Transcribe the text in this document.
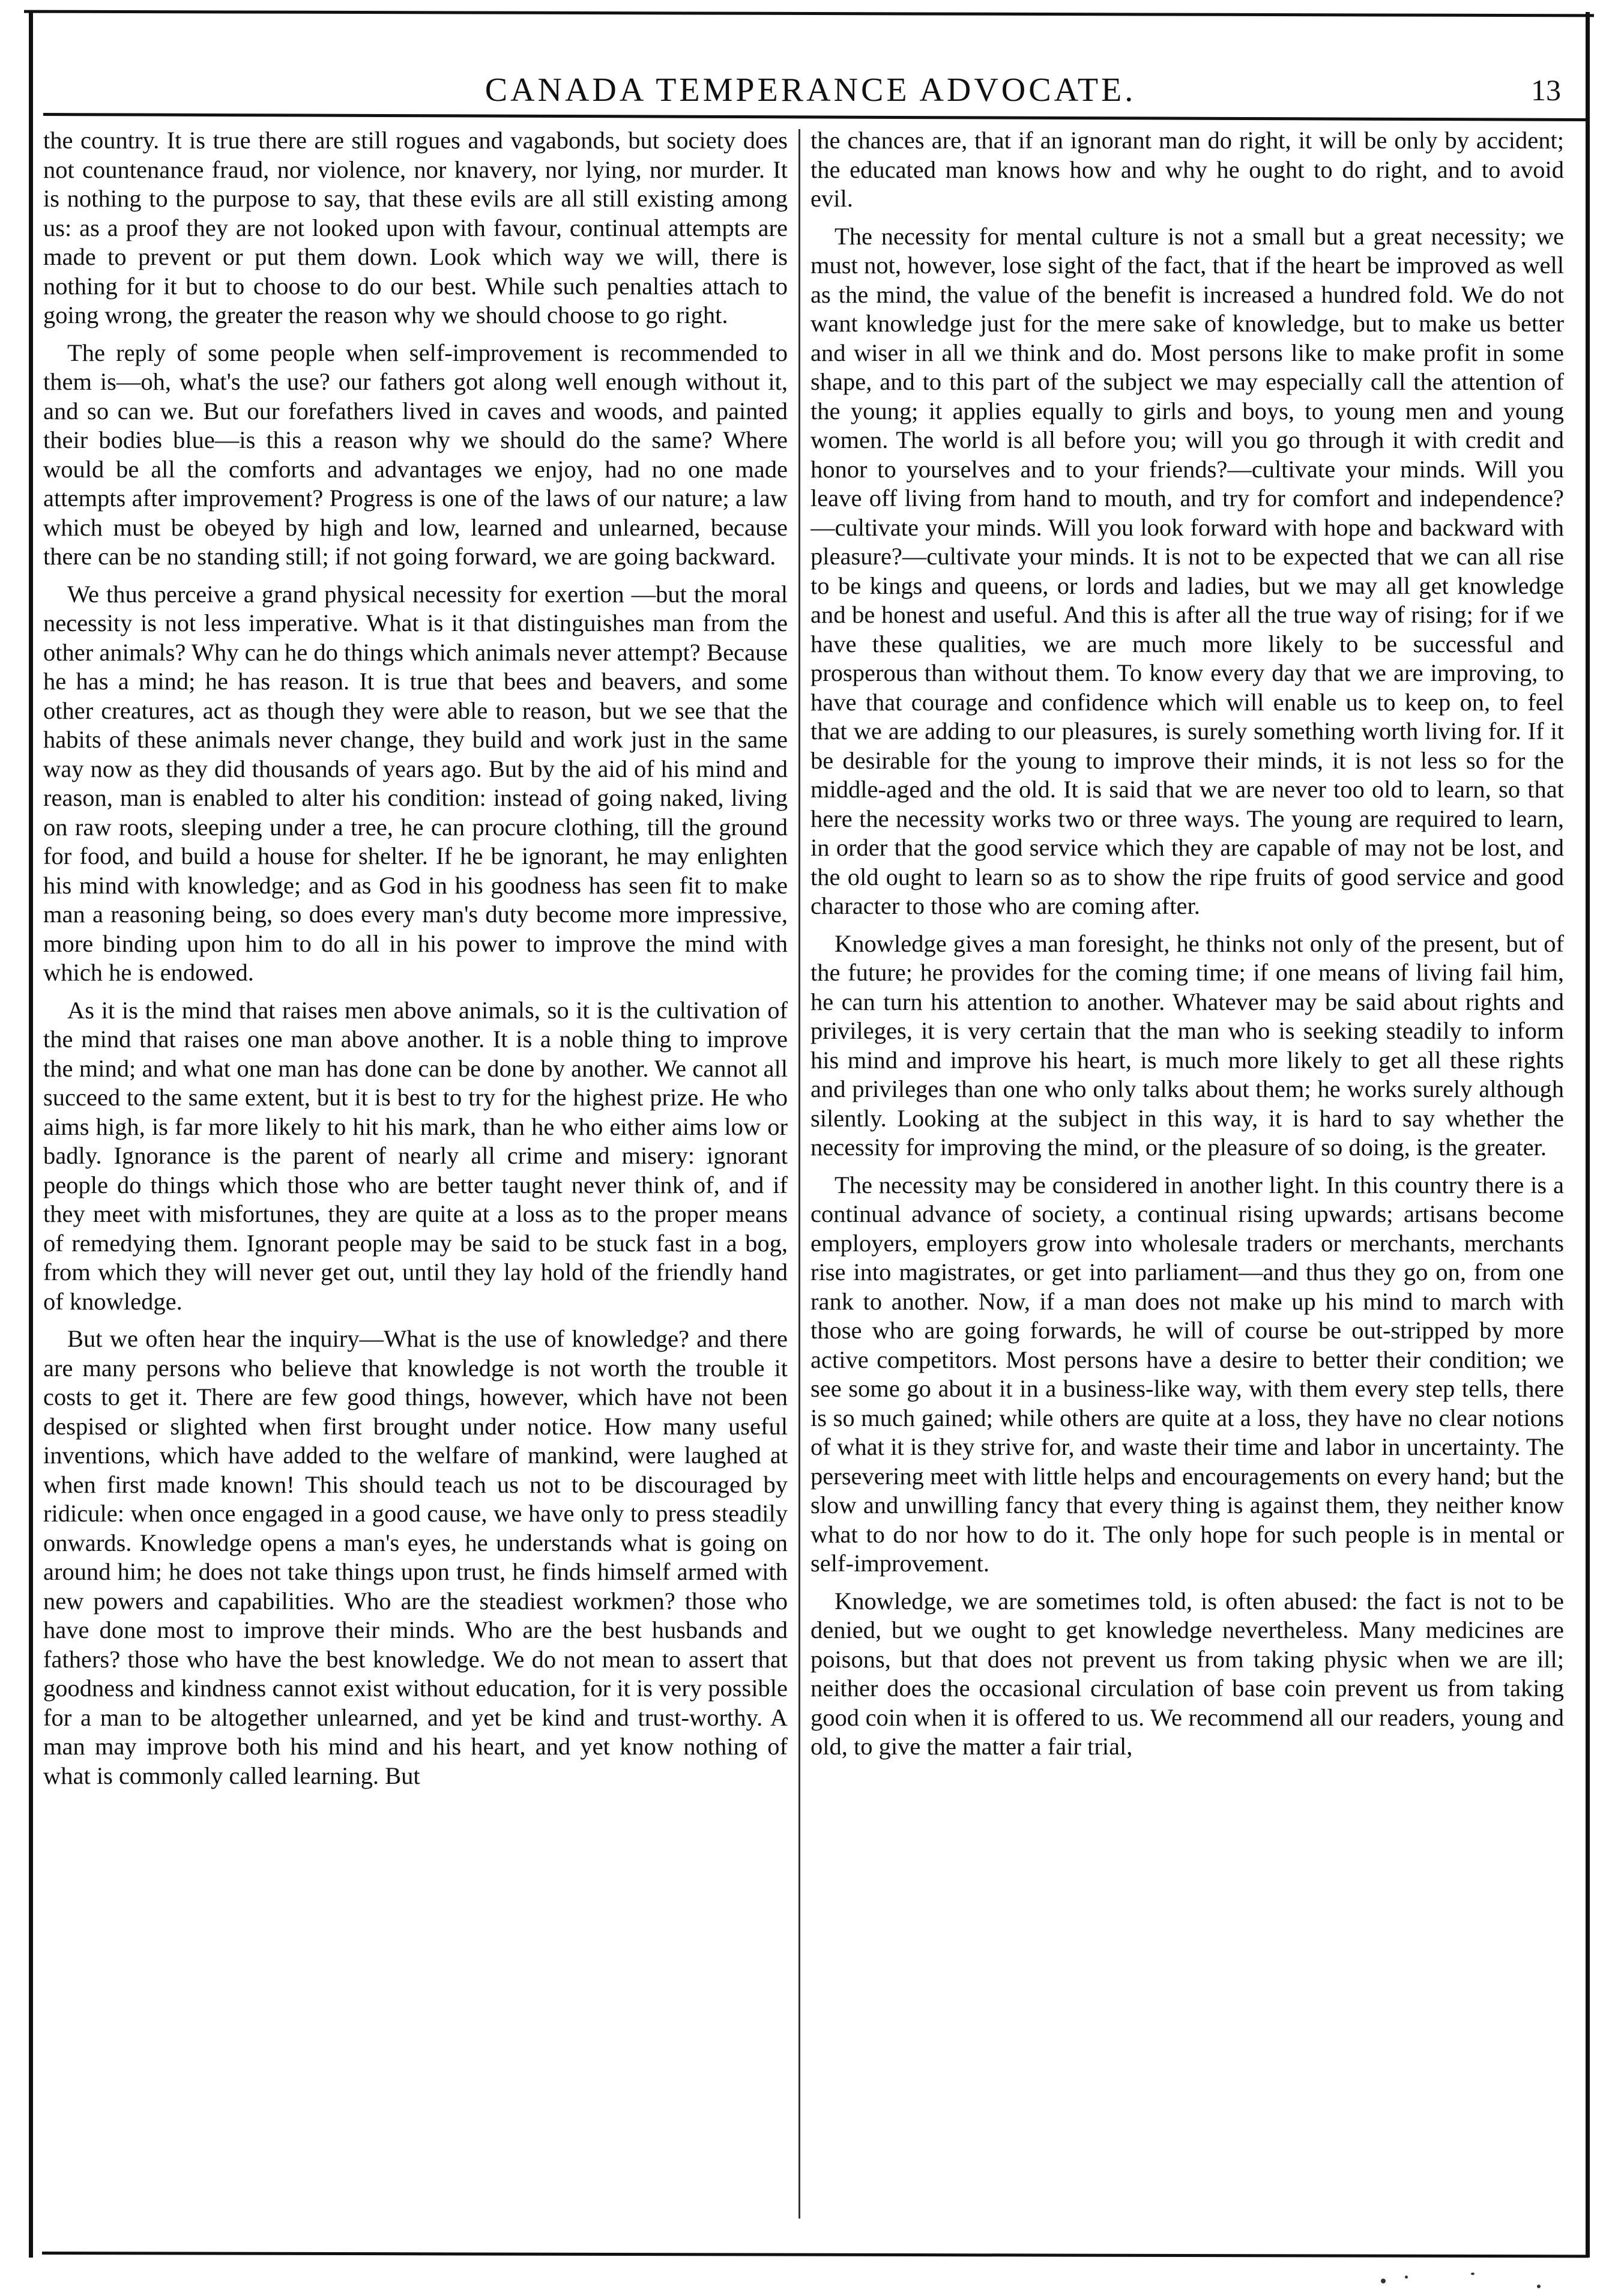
CANADA TEMPERANCE ADVOCATE.	13

the country. It is true there are still rogues and vagabonds, but society does not countenance fraud, nor violence, nor knavery, nor lying, nor murder. It is nothing to the purpose to say, that these evils are all still existing among us: as a proof they are not looked upon with favour, continual attempts are made to prevent or put them down. Look which way we will, there is nothing for it but to choose to do our best. While such penalties attach to going wrong, the greater the reason why we should choose to go right.

The reply of some people when self-improvement is recommended to them is—oh, what's the use? our fathers got along well enough without it, and so can we. But our forefathers lived in caves and woods, and painted their bodies blue—is this a reason why we should do the same? Where would be all the comforts and advantages we enjoy, had no one made attempts after improvement? Progress is one of the laws of our nature; a law which must be obeyed by high and low, learned and unlearned, because there can be no standing still; if not going forward, we are going backward.

We thus perceive a grand physical necessity for exertion —but the moral necessity is not less imperative. What is it that distinguishes man from the other animals? Why can he do things which animals never attempt? Because he has a mind; he has reason. It is true that bees and beavers, and some other creatures, act as though they were able to reason, but we see that the habits of these animals never change, they build and work just in the same way now as they did thousands of years ago. But by the aid of his mind and reason, man is enabled to alter his condition: instead of going naked, living on raw roots, sleeping under a tree, he can procure clothing, till the ground for food, and build a house for shelter. If he be ignorant, he may enlighten his mind with knowledge; and as God in his goodness has seen fit to make man a reasoning being, so does every man's duty become more impressive, more binding upon him to do all in his power to improve the mind with which he is endowed.

As it is the mind that raises men above animals, so it is the cultivation of the mind that raises one man above another. It is a noble thing to improve the mind; and what one man has done can be done by another. We cannot all succeed to the same extent, but it is best to try for the highest prize. He who aims high, is far more likely to hit his mark, than he who either aims low or badly. Ignorance is the parent of nearly all crime and misery: ignorant people do things which those who are better taught never think of, and if they meet with misfortunes, they are quite at a loss as to the proper means of remedying them. Ignorant people may be said to be stuck fast in a bog, from which they will never get out, until they lay hold of the friendly hand of knowledge.

But we often hear the inquiry—What is the use of knowledge? and there are many persons who believe that knowledge is not worth the trouble it costs to get it. There are few good things, however, which have not been despised or slighted when first brought under notice. How many useful inventions, which have added to the welfare of mankind, were laughed at when first made known! This should teach us not to be discouraged by ridicule: when once engaged in a good cause, we have only to press steadily onwards. Knowledge opens a man's eyes, he understands what is going on around him; he does not take things upon trust, he finds himself armed with new powers and capabilities. Who are the steadiest workmen? those who have done most to improve their minds. Who are the best husbands and fathers? those who have the best knowledge. We do not mean to assert that goodness and kindness cannot exist without education, for it is very possible for a man to be altogether unlearned, and yet be kind and trust-worthy. A man may improve both his mind and his heart, and yet know nothing of what is commonly called learning. But

the chances are, that if an ignorant man do right, it will be only by accident; the educated man knows how and why he ought to do right, and to avoid evil.

The necessity for mental culture is not a small but a great necessity; we must not, however, lose sight of the fact, that if the heart be improved as well as the mind, the value of the benefit is increased a hundred fold. We do not want knowledge just for the mere sake of knowledge, but to make us better and wiser in all we think and do. Most persons like to make profit in some shape, and to this part of the subject we may especially call the attention of the young; it applies equally to girls and boys, to young men and young women. The world is all before you; will you go through it with credit and honor to yourselves and to your friends?—cultivate your minds. Will you leave off living from hand to mouth, and try for comfort and independence? —cultivate your minds. Will you look forward with hope and backward with pleasure?—cultivate your minds. It is not to be expected that we can all rise to be kings and queens, or lords and ladies, but we may all get knowledge and be honest and useful. And this is after all the true way of rising; for if we have these qualities, we are much more likely to be successful and prosperous than without them. To know every day that we are improving, to have that courage and confidence which will enable us to keep on, to feel that we are adding to our pleasures, is surely something worth living for. If it be desirable for the young to improve their minds, it is not less so for the middle-aged and the old. It is said that we are never too old to learn, so that here the necessity works two or three ways. The young are required to learn, in order that the good service which they are capable of may not be lost, and the old ought to learn so as to show the ripe fruits of good service and good character to those who are coming after.

Knowledge gives a man foresight, he thinks not only of the present, but of the future; he provides for the coming time; if one means of living fail him, he can turn his attention to another. Whatever may be said about rights and privileges, it is very certain that the man who is seeking steadily to inform his mind and improve his heart, is much more likely to get all these rights and privileges than one who only talks about them; he works surely although silently. Looking at the subject in this way, it is hard to say whether the necessity for improving the mind, or the pleasure of so doing, is the greater.

The necessity may be considered in another light. In this country there is a continual advance of society, a continual rising upwards; artisans become employers, employers grow into wholesale traders or merchants, merchants rise into magistrates, or get into parliament—and thus they go on, from one rank to another. Now, if a man does not make up his mind to march with those who are going forwards, he will of course be out-stripped by more active competitors. Most persons have a desire to better their condition; we see some go about it in a business-like way, with them every step tells, there is so much gained; while others are quite at a loss, they have no clear notions of what it is they strive for, and waste their time and labor in uncertainty. The persevering meet with little helps and encouragements on every hand; but the slow and unwilling fancy that every thing is against them, they neither know what to do nor how to do it. The only hope for such people is in mental or self-improvement.

Knowledge, we are sometimes told, is often abused: the fact is not to be denied, but we ought to get knowledge nevertheless. Many medicines are poisons, but that does not prevent us from taking physic when we are ill; neither does the occasional circulation of base coin prevent us from taking good coin when it is offered to us. We recommend all our readers, young and old, to give the matter a fair trial,
